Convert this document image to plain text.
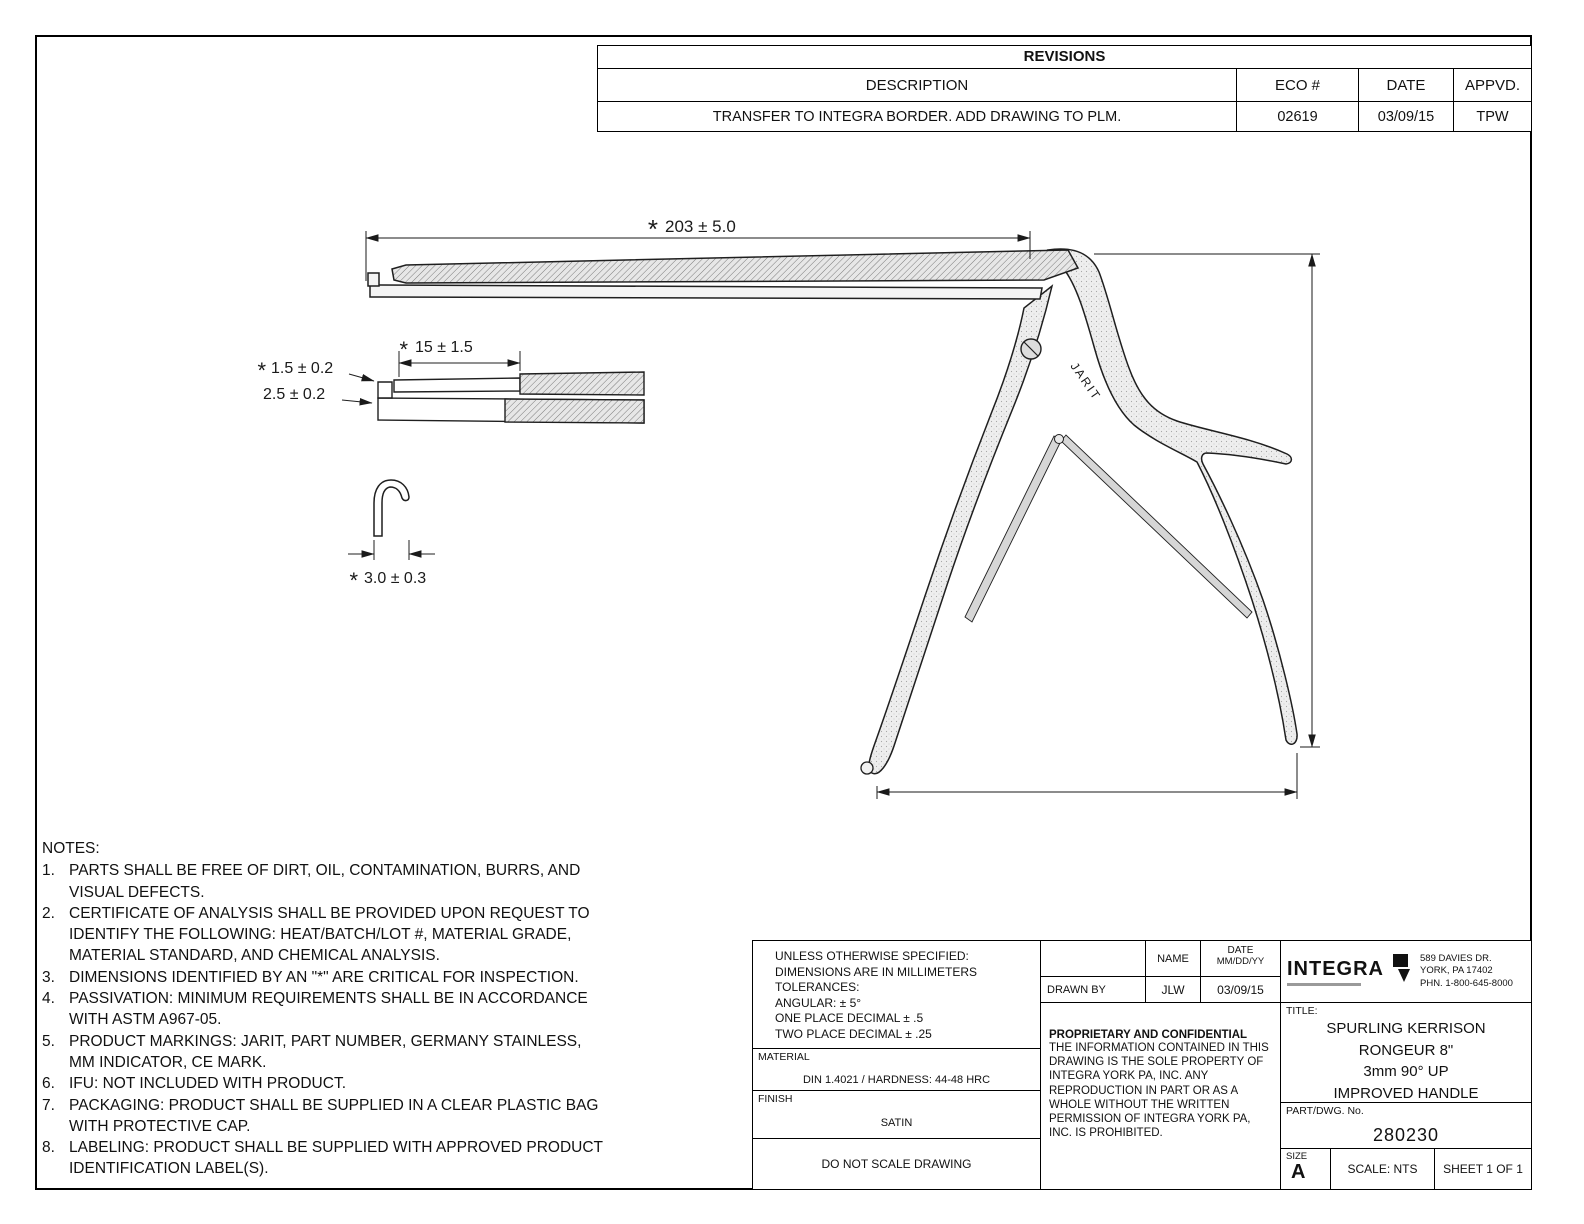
REVISIONS
DESCRIPTION	ECO #	DATE	APPVD.
TRANSFER TO INTEGRA BORDER. ADD DRAWING TO PLM.	02619	03/09/15	TPW
JARIT
* 203 ± 5.0
* 15 ± 1.5
* 1.5 ± 0.2
2.5 ± 0.2
* 3.0 ± 0.3
NOTES:
1. PARTS SHALL BE FREE OF DIRT, OIL, CONTAMINATION, BURRS, AND
VISUAL DEFECTS.
2. CERTIFICATE OF ANALYSIS SHALL BE PROVIDED UPON REQUEST TO
IDENTIFY THE FOLLOWING: HEAT/BATCH/LOT #, MATERIAL GRADE,
MATERIAL STANDARD, AND CHEMICAL ANALYSIS.
3. DIMENSIONS IDENTIFIED BY AN "*" ARE CRITICAL FOR INSPECTION.
4. PASSIVATION: MINIMUM REQUIREMENTS SHALL BE IN ACCORDANCE
WITH ASTM A967-05.
5. PRODUCT MARKINGS: JARIT, PART NUMBER, GERMANY STAINLESS,
MM INDICATOR, CE MARK.
6. IFU: NOT INCLUDED WITH PRODUCT.
7. PACKAGING: PRODUCT SHALL BE SUPPLIED IN A CLEAR PLASTIC BAG
WITH PROTECTIVE CAP.
8. LABELING: PRODUCT SHALL BE SUPPLIED WITH APPROVED PRODUCT
IDENTIFICATION LABEL(S).
UNLESS OTHERWISE SPECIFIED:
DIMENSIONS ARE IN MILLIMETERS
TOLERANCES:
ANGULAR: ± 5°
ONE PLACE DECIMAL ± .5
TWO PLACE DECIMAL ± .25
MATERIAL
DIN 1.4021 / HARDNESS: 44-48 HRC
FINISH
SATIN
DO NOT SCALE DRAWING
NAME
DATE
MM/DD/YY
DRAWN BY	JLW	03/09/15
PROPRIETARY AND CONFIDENTIAL
THE INFORMATION CONTAINED IN THIS DRAWING IS THE SOLE PROPERTY OF INTEGRA YORK PA, INC. ANY REPRODUCTION IN PART OR AS A WHOLE WITHOUT THE WRITTEN PERMISSION OF INTEGRA YORK PA, INC. IS PROHIBITED.
INTEGRA	589 DAVIES DR.
YORK, PA 17402
PHN. 1-800-645-8000
TITLE:
SPURLING KERRISON
RONGEUR 8"
3mm 90° UP
IMPROVED HANDLE
PART/DWG. No.
280230
SIZE
A	SCALE: NTS	SHEET 1 OF 1
